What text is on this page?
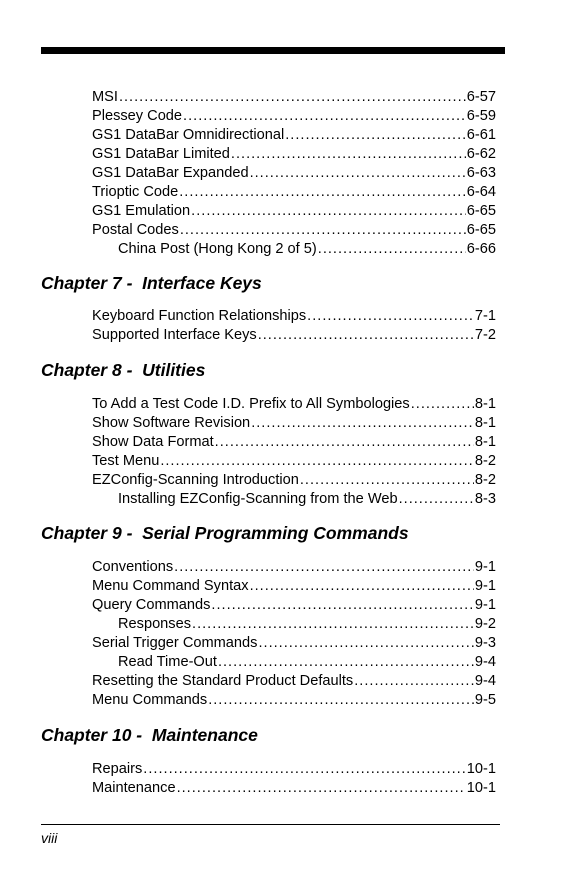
MSI .....	6-57
Plessey Code .....	6-59
GS1 DataBar Omnidirectional .....	6-61
GS1 DataBar Limited .....	6-62
GS1 DataBar Expanded .....	6-63
Trioptic Code .....	6-64
GS1 Emulation .....	6-65
Postal Codes .....	6-65
China Post (Hong Kong 2 of 5) .....	6-66
Chapter 7 -  Interface Keys
Keyboard Function Relationships .....	7-1
Supported Interface Keys .....	7-2
Chapter 8 -  Utilities
To Add a Test Code I.D. Prefix to All Symbologies .....	8-1
Show Software Revision .....	8-1
Show Data Format .....	8-1
Test Menu .....	8-2
EZConfig-Scanning Introduction .....	8-2
Installing EZConfig-Scanning from the Web .....	8-3
Chapter 9 -  Serial Programming Commands
Conventions .....	9-1
Menu Command Syntax .....	9-1
Query Commands .....	9-1
Responses .....	9-2
Serial Trigger Commands .....	9-3
Read Time-Out .....	9-4
Resetting the Standard Product Defaults .....	9-4
Menu Commands .....	9-5
Chapter 10 -  Maintenance
Repairs .....	10-1
Maintenance .....	10-1
viii
